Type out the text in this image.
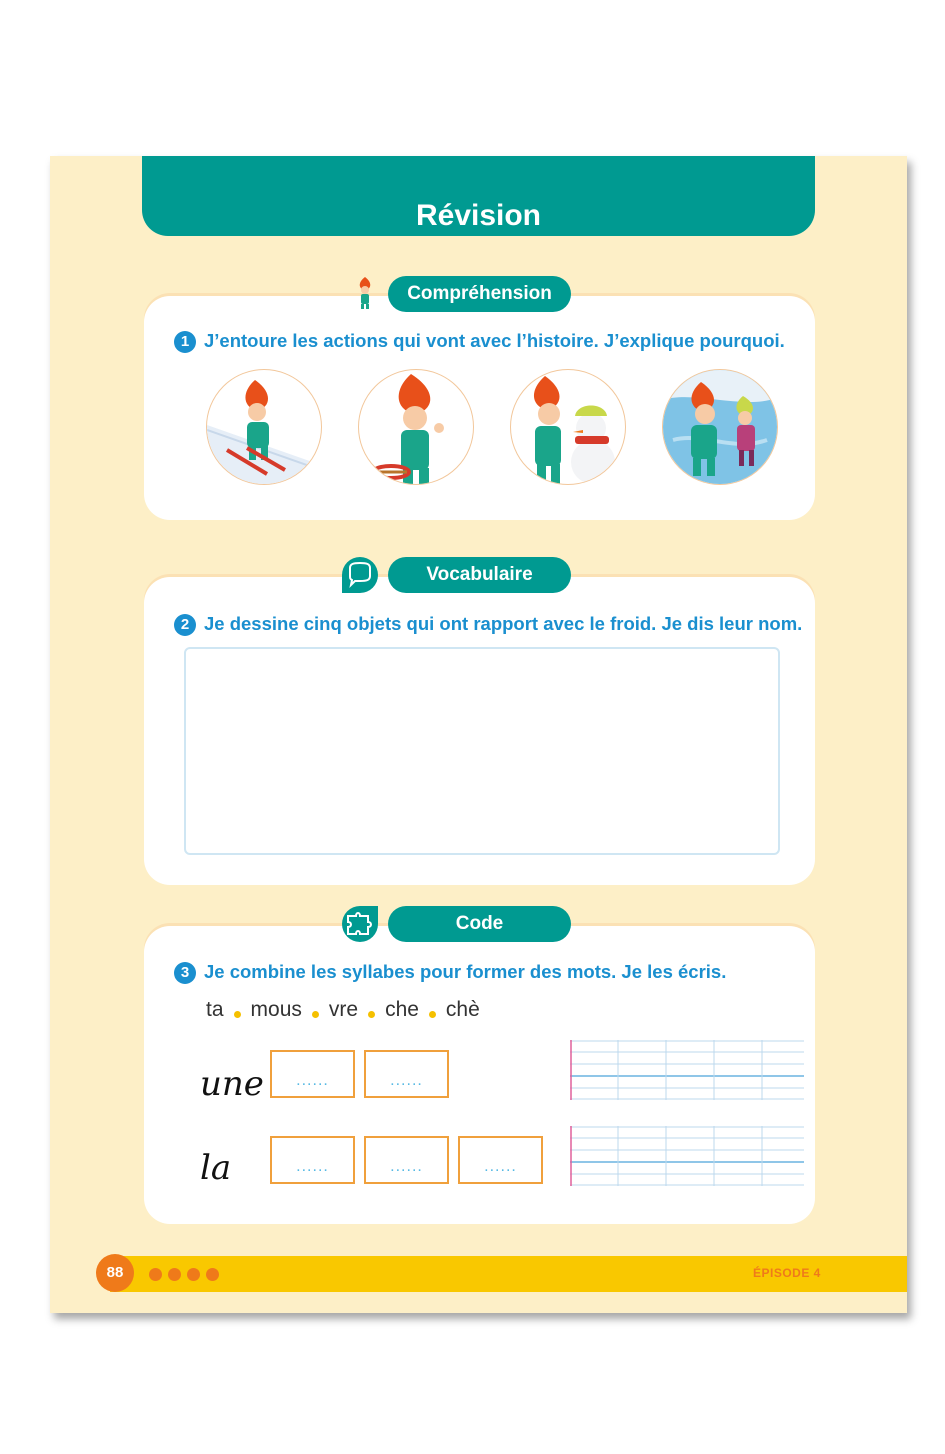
Révision
Compréhension
1 J’entoure les actions qui vont avec l’histoire. J’explique pourquoi.
Vocabulaire
2 Je dessine cinq objets qui ont rapport avec le froid. Je dis leur nom.
Code
3 Je combine les syllabes pour former des mots. Je les écris.
ta mous vre che chè
une	......	......
la	......	......	......
88	ÉPISODE 4
